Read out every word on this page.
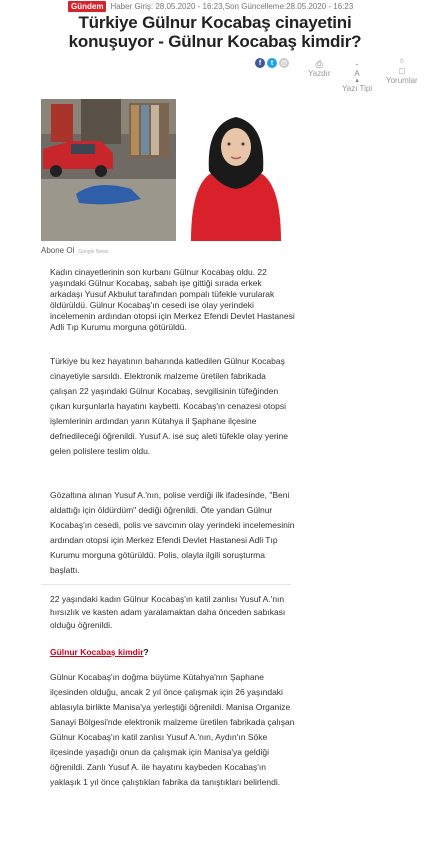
Gündem Haber Giriş: 28.05.2020 - 16:23,Son Güncelleme:28.05.2020 - 16:23
Türkiye Gülnur Kocabaş cinayetini konuşuyor - Gülnur Kocabaş kimdir?
f	t	@	⎙
Yazdır
-
A
▲
Yazı Tipi
0
□
Yorumlar
Abone Ol Google News

Kadın cinayetlerinin son kurbanı Gülnur Kocabaş oldu. 22 yaşındaki Gülnur Kocabaş, sabah işe gittiği sırada erkek arkadaşı Yusuf Akbulut tarafından pompalı tüfekle vurularak öldürüldü. Gülnur Kocabaş'ın cesedi ise olay yerindeki incelemenin ardından otopsi için Merkez Efendi Devlet Hastanesi Adli Tıp Kurumu morguna götürüldü.

Türkiye bu kez hayatının baharında katledilen Gülnur Kocabaş cinayetiyle sarsıldı. Elektronik malzeme üretilen fabrikada çalışan 22 yaşındaki Gülnur Kocabaş, sevgilisinin tüfeğinden çıkan kurşunlarla hayatını kaybetti. Kocabaş'ın cenazesi otopsi işlemlerinin ardından yarın Kütahya il Şaphane ilçesine defnedileceği öğrenildi. Yusuf A. ise suç aleti tüfekle olay yerine gelen polislere teslim oldu.

Gözaltına alınan Yusuf A.'nın, polise verdiği ilk ifadesinde, "Beni aldattığı için öldürdüm" dediği öğrenildi. Öte yandan Gülnur Kocabaş'ın cesedi, polis ve savcının olay yerindeki incelemesinin ardından otopsi için Merkez Efendi Devlet Hastanesi Adli Tıp Kurumu morguna götürüldü. Polis, olayla ilgili soruşturma başlattı.

22 yaşındaki kadın Gülnur Kocabaş'ın katil zanlısı Yusuf A.'nın hırsızlık ve kasten adam yaralamaktan daha önceden sabıkası olduğu öğrenildi.

Gülnur Kocabaş kimdir?

Gülnur Kocabaş'ın doğma büyüme Kütahya'nın Şaphane ilçesinden olduğu, ancak 2 yıl önce çalışmak için 26 yaşındaki ablasıyla birlikte Manisa'ya yerleştiği öğrenildi. Manisa Organize Sanayi Bölgesi'nde elektronik malzeme üretilen fabrikada çalışan Gülnur Kocabaş'ın katil zanlısı Yusuf A.'nın, Aydın'ın Söke ilçesinde yaşadığı onun da çalışmak için Manisa'ya geldiği öğrenildi. Zanlı Yusuf A. ile hayatını kaybeden Kocabaş'ın yaklaşık 1 yıl önce çalıştıkları fabrika da tanıştıkları belirlendi.
